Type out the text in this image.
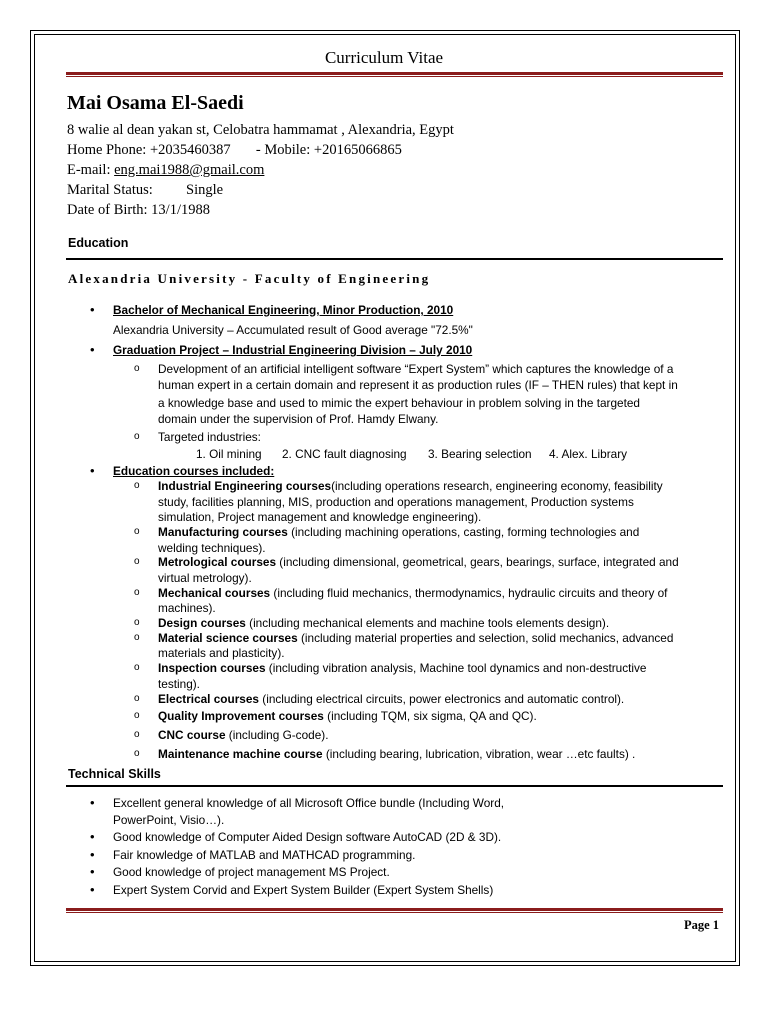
Curriculum Vitae
Mai Osama El-Saedi
8 walie al dean yakan st, Celobatra hammamat , Alexandria, Egypt
Home Phone: +2035460387 - Mobile: +20165066865
E-mail: eng.mai1988@gmail.com
Marital Status: Single
Date of Birth: 13/1/1988
Education
Alexandria University - Faculty of Engineering
• Bachelor of Mechanical Engineering, Minor Production, 2010
Alexandria University – Accumulated result of Good average "72.5%"
• Graduation Project – Industrial Engineering Division – July 2010
o Development of an artificial intelligent software “Expert System” which captures the knowledge of a
human expert in a certain domain and represent it as production rules (IF – THEN rules) that kept in
a knowledge base and used to mimic the expert behaviour in problem solving in the targeted
domain under the supervision of Prof. Hamdy Elwany.
o Targeted industries:
1. Oil mining 2. CNC fault diagnosing 3. Bearing selection 4. Alex. Library
• Education courses included:
o Industrial Engineering courses(including operations research, engineering economy, feasibility
study, facilities planning, MIS, production and operations management, Production systems
simulation, Project management and knowledge engineering).
o Manufacturing courses (including machining operations, casting, forming technologies and
welding techniques).
o Metrological courses (including dimensional, geometrical, gears, bearings, surface, integrated and
virtual metrology).
o Mechanical courses (including fluid mechanics, thermodynamics, hydraulic circuits and theory of
machines).
o Design courses (including mechanical elements and machine tools elements design).
o Material science courses (including material properties and selection, solid mechanics, advanced
materials and plasticity).
o Inspection courses (including vibration analysis, Machine tool dynamics and non-destructive
testing).
o Electrical courses (including electrical circuits, power electronics and automatic control).
o Quality Improvement courses (including TQM, six sigma, QA and QC).
o CNC course (including G-code).
o Maintenance machine course (including bearing, lubrication, vibration, wear …etc faults) .
Technical Skills
• Excellent general knowledge of all Microsoft Office bundle (Including Word,
PowerPoint, Visio…).
• Good knowledge of Computer Aided Design software AutoCAD (2D & 3D).
• Fair knowledge of MATLAB and MATHCAD programming.
• Good knowledge of project management MS Project.
• Expert System Corvid and Expert System Builder (Expert System Shells)
Page 1
